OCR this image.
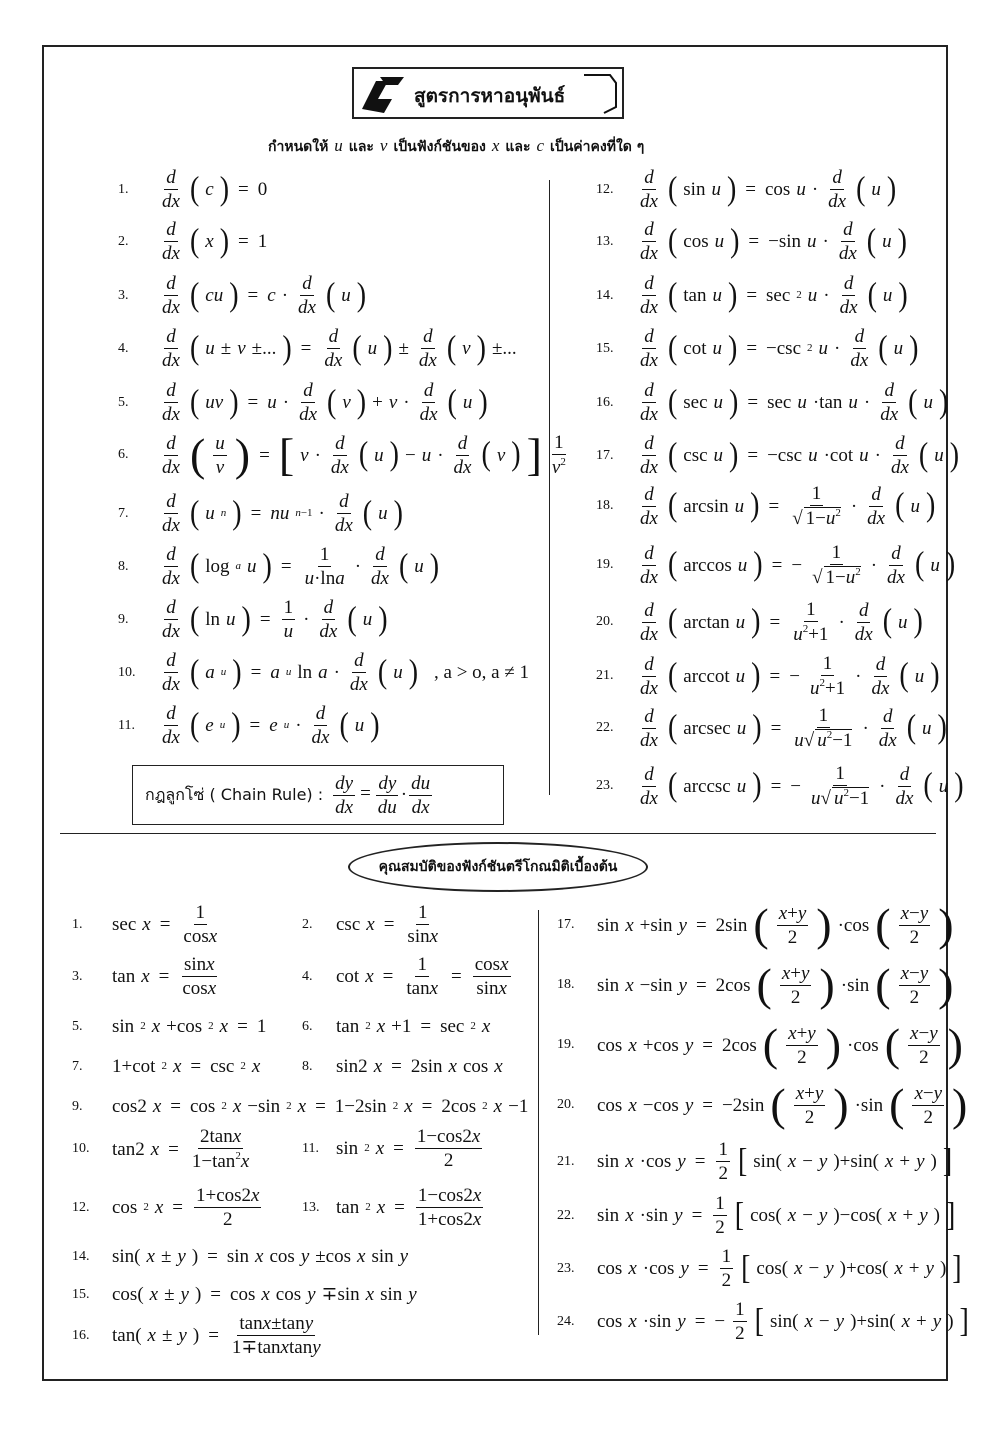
สูตรการหาอนุพันธ์
กำหนดให้ u และ v เป็นฟังก์ชันของ x และ c เป็นค่าคงที่ใด ๆ
1.	$\frac{d}{dx}$ ( c ) = 0
2.	$\frac{d}{dx}$ ( x ) = 1
3.	$\frac{d}{dx}$ ( cu ) = $c \cdot \frac{d}{dx}$ ( u )
4.	$\frac{d}{dx}$ ( u ± v ±... ) = $\frac{d}{dx}$ ( u ) ± $\frac{d}{dx}$ ( v ) ±...
5.	$\frac{d}{dx}$ ( uv ) = $u \cdot \frac{d}{dx}$ ( v ) + $v \cdot \frac{d}{dx}$ ( u )
6.	$\frac{d}{dx}$ ( $\frac{u}{v}$ ) = [ $v \cdot \frac{d}{dx}$ ( u ) − $u \cdot \frac{d}{dx}$ ( v ) ] $\frac{1}{v^2}$
7.	$\frac{d}{dx}$ ( u n ) = nu $n-1 \cdot \frac{d}{dx}$ ( u )
8.	$\frac{d}{dx}$ ( log a u ) = $\frac{1}{u\cdot\ln a} \cdot \frac{d}{dx}$ ( u )
9.	$\frac{d}{dx}$ ( ln u ) = $\frac{1}{u} \cdot \frac{d}{dx}$ ( u )
10.	$\frac{d}{dx}$ ( a u ) = a u $\ln a \cdot \frac{d}{dx}$ ( u ) , a > o, a ≠ 1
11.	$\frac{d}{dx}$ ( e u ) = e $u \cdot \frac{d}{dx}$ ( u )
กฎลูกโซ่ ( Chain Rule) : $\frac{dy}{dx} = \frac{dy}{du} \cdot \frac{du}{dx}$
12.	$\frac{d}{dx}$ ( sin u ) = $\cos u \cdot \frac{d}{dx}$ ( u )
13.	$\frac{d}{dx}$ ( cos u ) = −sin $u \cdot \frac{d}{dx}$ ( u )
14.	$\frac{d}{dx}$ ( tan u ) = sec 2 $u \cdot \frac{d}{dx}$ ( u )
15.	$\frac{d}{dx}$ ( cot u ) = −csc 2 $u \cdot \frac{d}{dx}$ ( u )
16.	$\frac{d}{dx}$ ( sec u ) = sec u ·tan $u \cdot \frac{d}{dx}$ ( u )
17.	$\frac{d}{dx}$ ( csc u ) = −csc u ·cot $u \cdot \frac{d}{dx}$ ( u )
18.	$\frac{d}{dx}$ ( arcsin u ) = $\frac{1}{√ 1-u^2} \cdot \frac{d}{dx}$ ( u )
19.	$\frac{d}{dx}$ ( arccos u ) = − $\frac{1}{√ 1-u^2} \cdot \frac{d}{dx}$ ( u )
20.	$\frac{d}{dx}$ ( arctan u ) = $\frac{1}{u^2+1} \cdot \frac{d}{dx}$ ( u )
21.	$\frac{d}{dx}$ ( arccot u ) = − $\frac{1}{u^2+1} \cdot \frac{d}{dx}$ ( u )
22.	$\frac{d}{dx}$ ( arcsec u ) = $\frac{1}{u√ u^2-1} \cdot \frac{d}{dx}$ ( u )
23.	$\frac{d}{dx}$ ( arccsc u ) = − $\frac{1}{u√ u^2-1} \cdot \frac{d}{dx}$ ( u )
คุณสมบัติของฟังก์ชันตรีโกณมิติเบื้องต้น
1.	$\sec x = \frac{1}{\cos x}$	2.	$\csc x = \frac{1}{\sin x}$
3.	$\tan x = \frac{\sin x}{\cos x}$	4.	$\cot x = \frac{1}{\tan x} = \frac{\cos x}{\sin x}$
5.	sin 2 x +cos 2 x = 1	6.	tan 2 x +1 = sec 2 x
7.	1+cot 2 x = csc 2 x	8.	sin2 x = 2sin x cos x
9.	cos2 x = cos 2 x −sin 2 x = 1−2sin 2 x = 2cos 2 x −1
10.	tan2 $x = \frac{2\tan x}{1-\tan^2x}$	11. sin 2 $x = \frac{1-\cos 2x}{2}$
12.	cos 2 $x = \frac{1+\cos 2x}{2}$	13. tan 2 $x = \frac{1-\cos 2x}{1+\cos 2x}$
14.	sin( x ± y ) = sin x cos y ±cos x sin y
15.	cos( x ± y ) = cos x cos y ∓sin x sin y
16.	tan( x ± y ) = $\frac{\tan x\pm\tan y}{\text{1∓tanxtany}}$
17.	sin x +sin y = 2sin ( $\frac{x+y}{2}$ ) ·cos ( $\frac{x-y}{2}$ )
18.	sin x −sin y = 2cos ( $\frac{x+y}{2}$ ) ·sin ( $\frac{x-y}{2}$ )
19.	cos x +cos y = 2cos ( $\frac{x+y}{2}$ ) ·cos ( $\frac{x-y}{2}$ )
20.	cos x −cos y = −2sin ( $\frac{x+y}{2}$ ) ·sin ( $\frac{x-y}{2}$ )
21.	sin x ·cos $y = \frac{1}{2}$ [ sin( x − y )+sin( x + y ) ]
22.	sin x ·sin $y = \frac{1}{2}$ [ cos( x − y )−cos( x + y ) ]
23.	cos x ·cos $y = \frac{1}{2}$ [ cos( x − y )+cos( x + y ) ]
24.	cos x ·sin y = − $\frac{1}{2}$ [ sin( x − y )+sin( x + y ) ]
